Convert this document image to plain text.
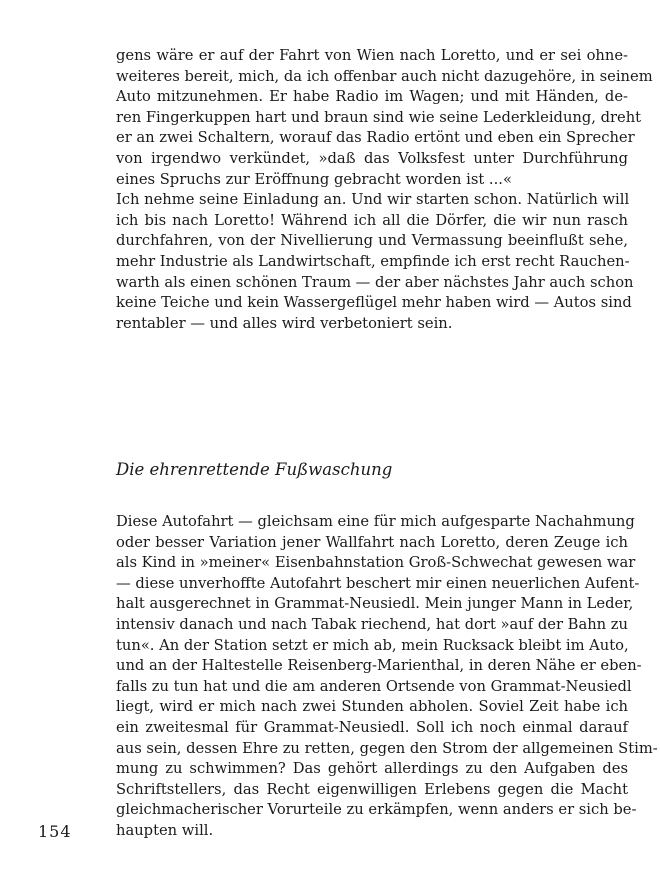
gens wäre er auf der Fahrt von Wien nach Loretto, und er sei ohne-
weiteres bereit, mich, da ich offenbar auch nicht dazugehöre, in seinem
Auto mitzunehmen. Er habe Radio im Wagen; und mit Händen, de-
ren Fingerkuppen hart und braun sind wie seine Lederkleidung, dreht
er an zwei Schaltern, worauf das Radio ertönt und eben ein Sprecher
von irgendwo verkündet, »daß das Volksfest unter Durchführung
eines Spruchs zur Eröffnung gebracht worden ist ...«
Ich nehme seine Einladung an. Und wir starten schon. Natürlich will
ich bis nach Loretto! Während ich all die Dörfer, die wir nun rasch
durchfahren, von der Nivellierung und Vermassung beeinflußt sehe,
mehr Industrie als Landwirtschaft, empfinde ich erst recht Rauchen-
warth als einen schönen Traum — der aber nächstes Jahr auch schon
keine Teiche und kein Wassergeflügel mehr haben wird — Autos sind
rentabler — und alles wird verbetoniert sein.
Die ehrenrettende Fußwaschung
Diese Autofahrt — gleichsam eine für mich aufgesparte Nachahmung
oder besser Variation jener Wallfahrt nach Loretto, deren Zeuge ich
als Kind in »meiner« Eisenbahnstation Groß-Schwechat gewesen war
— diese unverhoffte Autofahrt beschert mir einen neuerlichen Aufent-
halt ausgerechnet in Grammat-Neusiedl. Mein junger Mann in Leder,
intensiv danach und nach Tabak riechend, hat dort »auf der Bahn zu
tun«. An der Station setzt er mich ab, mein Rucksack bleibt im Auto,
und an der Haltestelle Reisenberg-Marienthal, in deren Nähe er eben-
falls zu tun hat und die am anderen Ortsende von Grammat-Neusiedl
liegt, wird er mich nach zwei Stunden abholen. Soviel Zeit habe ich
ein zweitesmal für Grammat-Neusiedl. Soll ich noch einmal darauf
aus sein, dessen Ehre zu retten, gegen den Strom der allgemeinen Stim-
mung zu schwimmen? Das gehört allerdings zu den Aufgaben des
Schriftstellers, das Recht eigenwilligen Erlebens gegen die Macht
gleichmacherischer Vorurteile zu erkämpfen, wenn anders er sich be-
haupten will.
154
